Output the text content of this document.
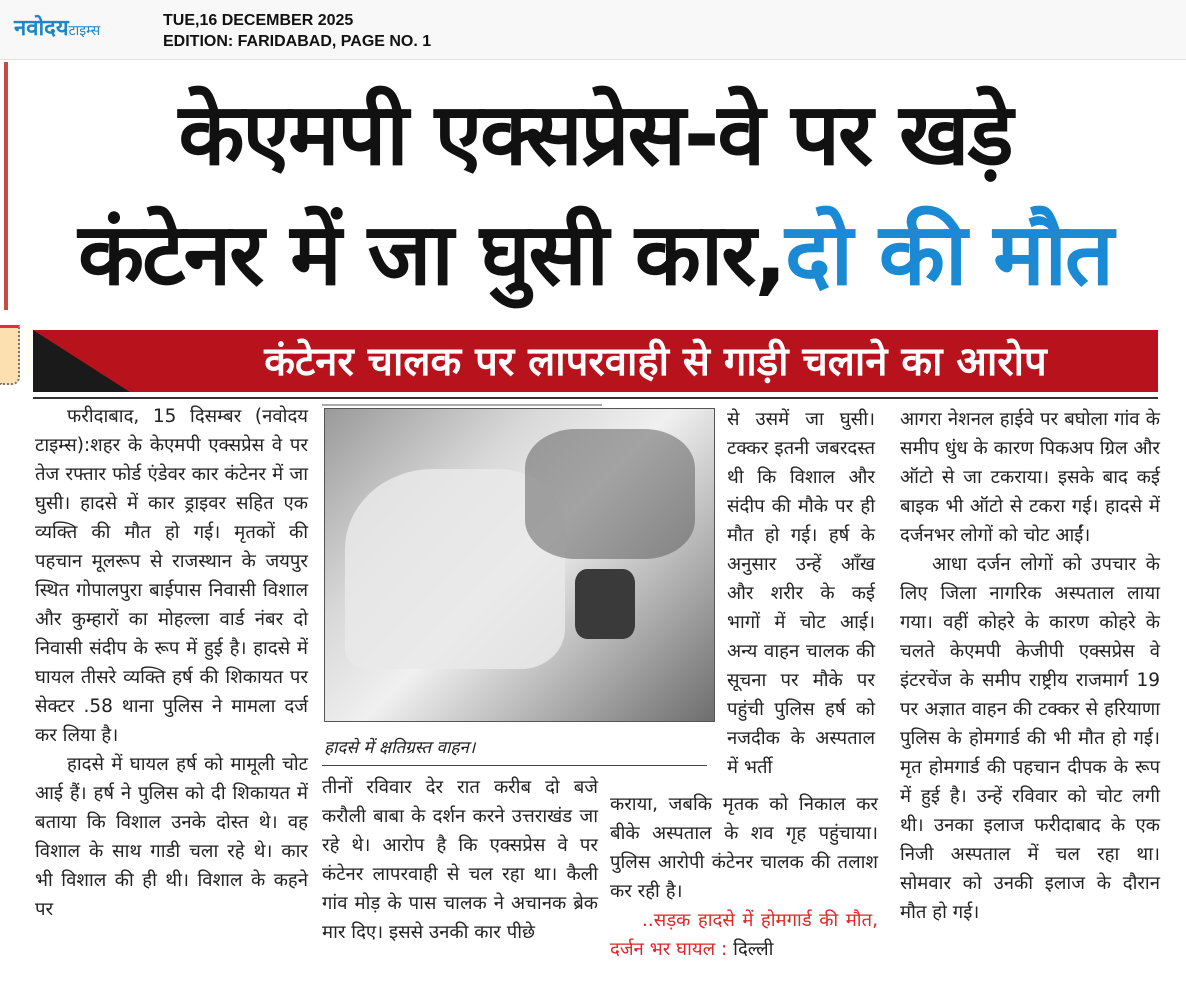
नवोदयटाइम्स
TUE,16 DECEMBER 2025
EDITION: FARIDABAD, PAGE NO. 1
केएमपी एक्सप्रेस-वे पर खड़े
कंटेनर में जा घुसी कार,दो की मौत
कंटेनर चालक पर लापरवाही से गाड़ी चलाने का आरोप

फरीदाबाद, 15 दिसम्बर (नवोदय टाइम्स):शहर के केएमपी एक्सप्रेस वे पर तेज रफ्तार फोर्ड एंडेवर कार कंटेनर में जा घुसी। हादसे में कार ड्राइवर सहित एक व्यक्ति की मौत हो गई। मृतकों की पहचान मूलरूप से राजस्थान के जयपुर स्थित गोपालपुरा बाईपास निवासी विशाल और कुम्हारों का मोहल्ला वार्ड नंबर दो निवासी संदीप के रूप में हुई है। हादसे में घायल तीसरे व्यक्ति हर्ष की शिकायत पर सेक्टर .58 थाना पुलिस ने मामला दर्ज कर लिया है।

हादसे में घायल हर्ष को मामूली चोट आई हैं। हर्ष ने पुलिस को दी शिकायत में बताया कि विशाल उनके दोस्त थे। वह विशाल के साथ गाडी चला रहे थे। कार भी विशाल की ही थी। विशाल के कहने पर

हादसे में क्षतिग्रस्त वाहन।

तीनों रविवार देर रात करीब दो बजे करौली बाबा के दर्शन करने उत्तराखंड जा रहे थे। आरोप है कि एक्सप्रेस वे पर कंटेनर लापरवाही से चल रहा था। कैली गांव मोड़ के पास चालक ने अचानक ब्रेक मार दिए। इससे उनकी कार पीछे

से उसमें जा घुसी। टक्कर इतनी जबरदस्त थी कि विशाल और संदीप की मौके पर ही मौत हो गई। हर्ष के अनुसार उन्हें आँख और शरीर के कई भागों में चोट आई। अन्य वाहन चालक की सूचना पर मौके पर पहुंची पुलिस हर्ष को नजदीक के अस्पताल में भर्ती

कराया, जबकि मृतक को निकाल कर बीके अस्पताल के शव गृह पहुंचाया। पुलिस आरोपी कंटेनर चालक की तलाश कर रही है।

..सड़क हादसे में होमगार्ड की मौत, दर्जन भर घायल : दिल्ली

आगरा नेशनल हाईवे पर बघोला गांव के समीप धुंध के कारण पिकअप ग्रिल और ऑटो से जा टकराया। इसके बाद कई बाइक भी ऑटो से टकरा गई। हादसे में दर्जनभर लोगों को चोट आईं।

आधा दर्जन लोगों को उपचार के लिए जिला नागरिक अस्पताल लाया गया। वहीं कोहरे के कारण कोहरे के चलते केएमपी केजीपी एक्सप्रेस वे इंटरचेंज के समीप राष्ट्रीय राजमार्ग 19 पर अज्ञात वाहन की टक्कर से हरियाणा पुलिस के होमगार्ड की भी मौत हो गई। मृत होमगार्ड की पहचान दीपक के रूप में हुई है। उन्हें रविवार को चोट लगी थी। उनका इलाज फरीदाबाद के एक निजी अस्पताल में चल रहा था। सोमवार को उनकी इलाज के दौरान मौत हो गई।
